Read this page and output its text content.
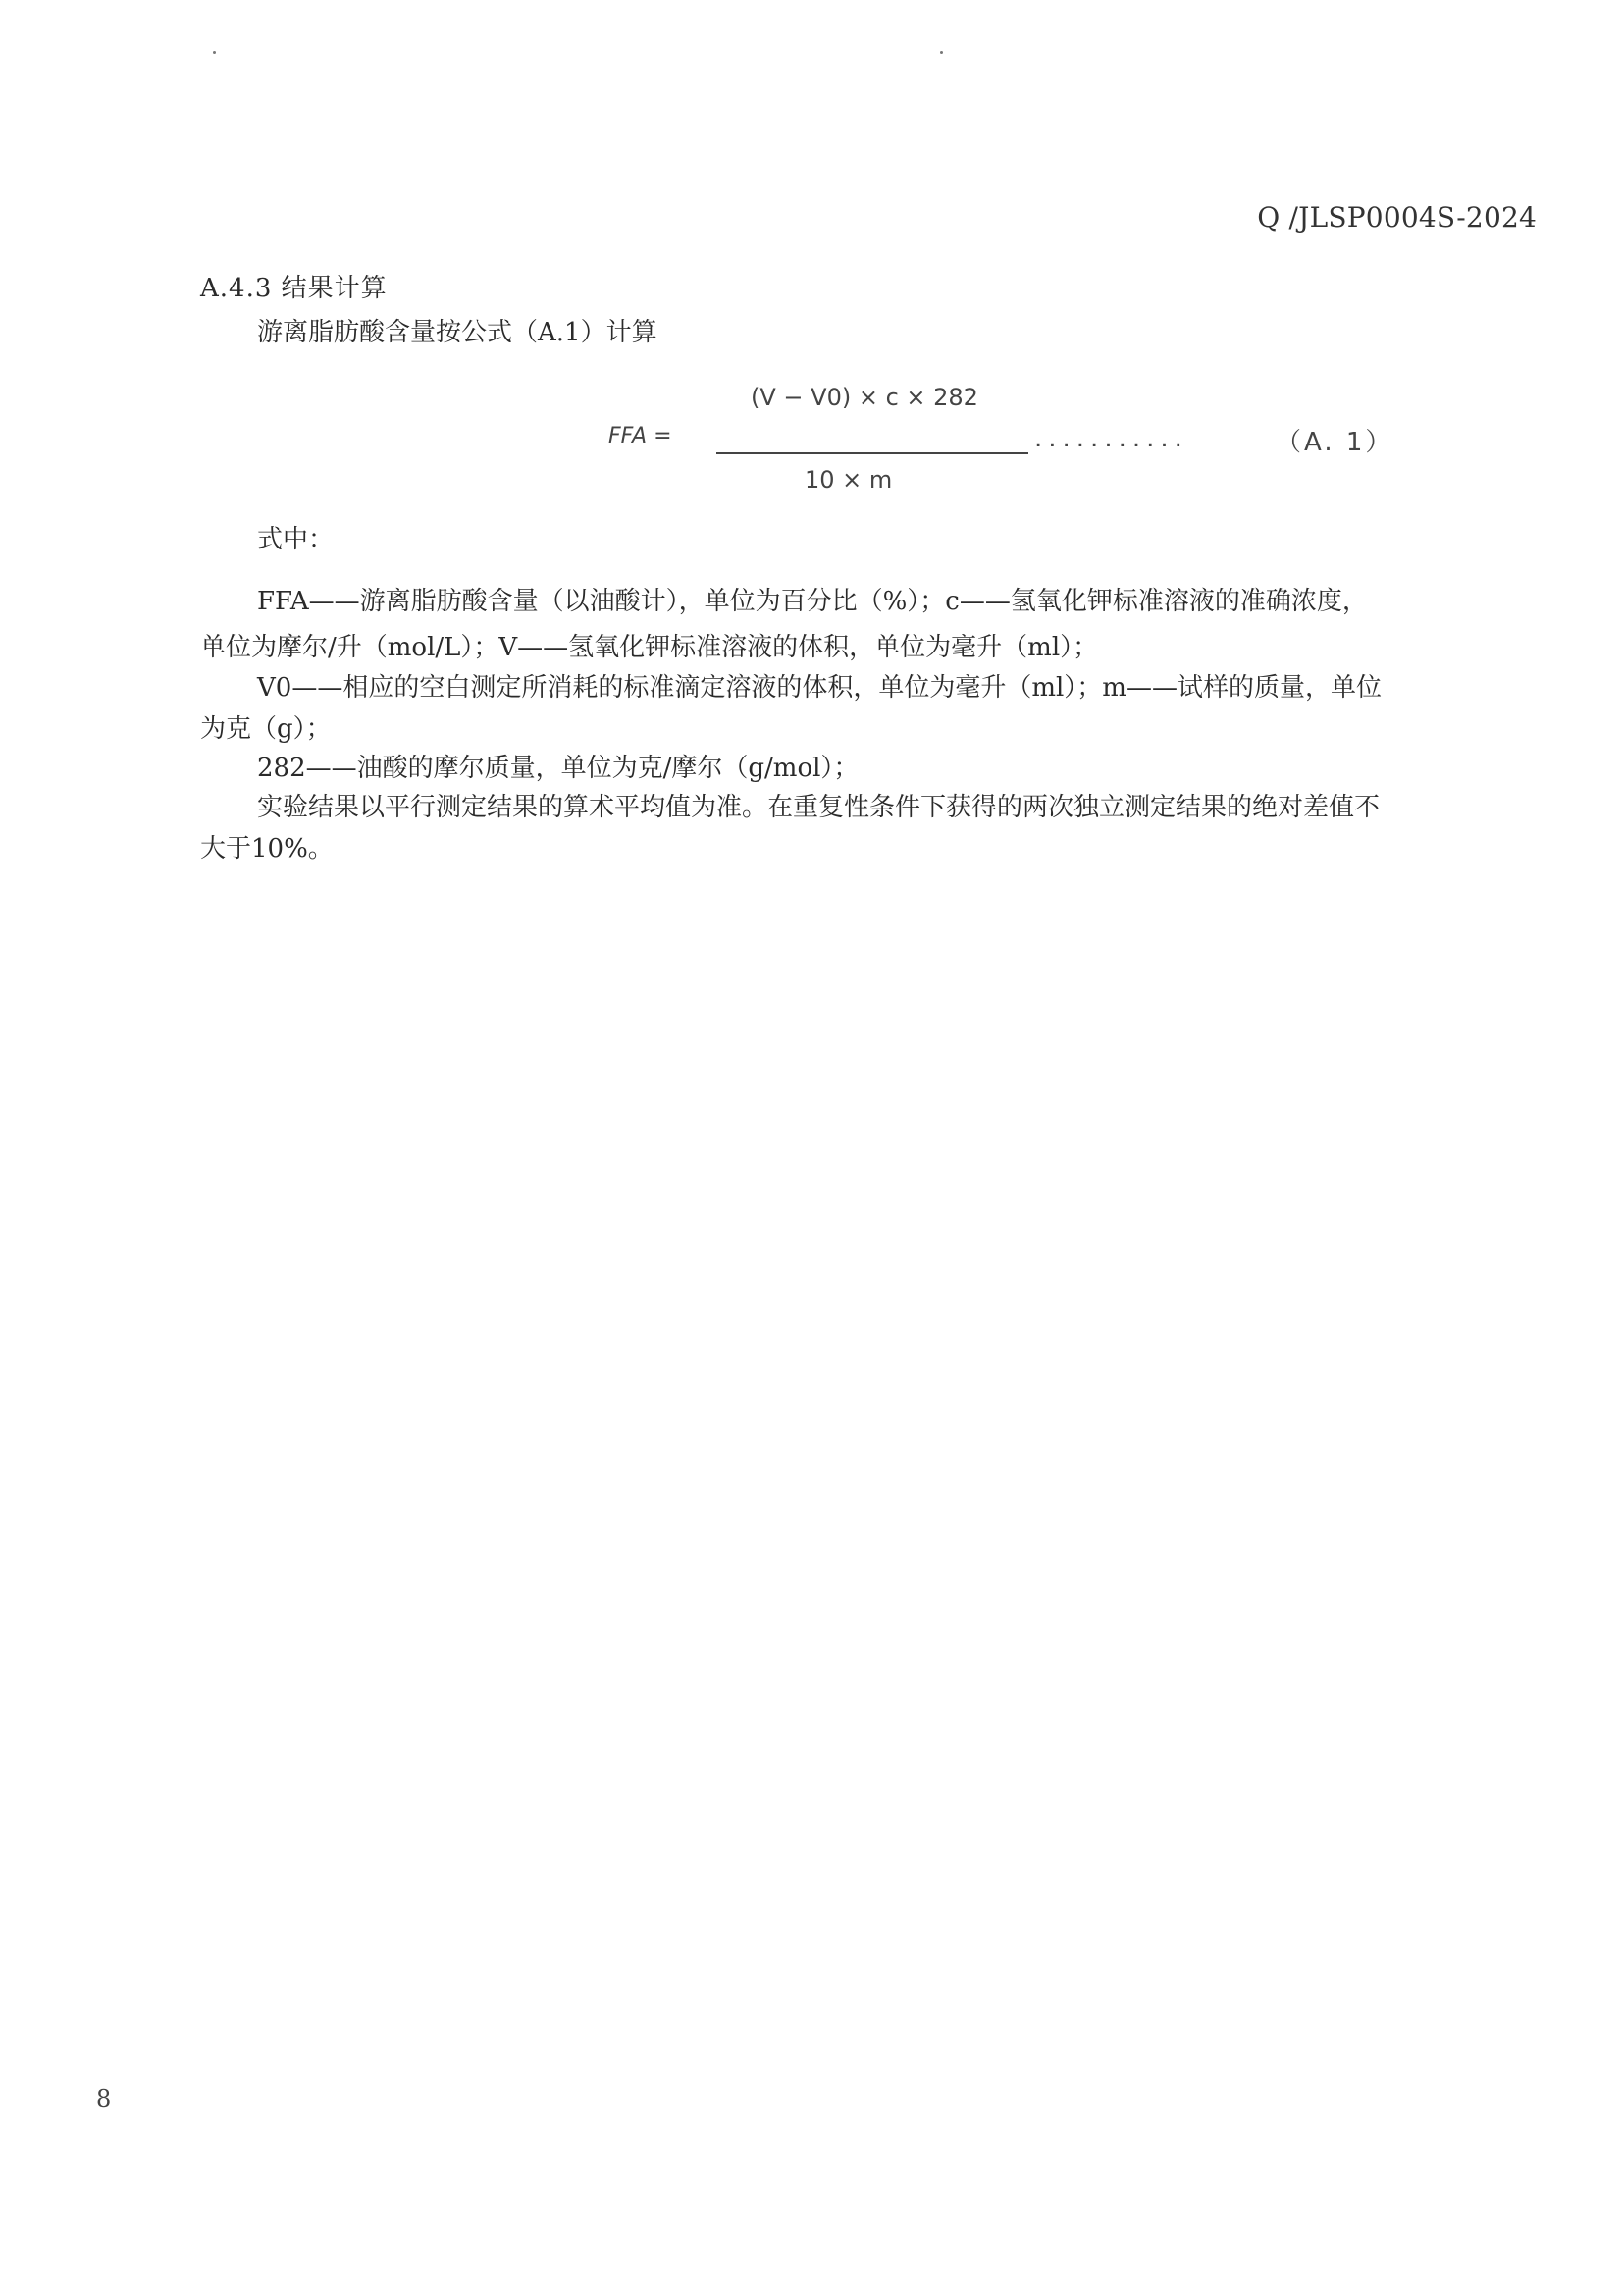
Q /JLSP0004S-2024
A.4.3 结果计算
游离脂肪酸含量按公式（A.1）计算
(V − V0) × c × 282
FFA =	...........	（A. 1）
10 × m
式中：
FFA——游离脂肪酸含量（以油酸计），单位为百分比（%）；c——氢氧化钾标准溶液的准确浓度，
单位为摩尔/升（mol/L）；V——氢氧化钾标准溶液的体积，单位为毫升（ml）；
V0——相应的空白测定所消耗的标准滴定溶液的体积，单位为毫升（ml）；m——试样的质量，单位
为克（g）；
282——油酸的摩尔质量，单位为克/摩尔（g/mol）；
实验结果以平行测定结果的算术平均值为准。在重复性条件下获得的两次独立测定结果的绝对差值不
大于10%。
8
